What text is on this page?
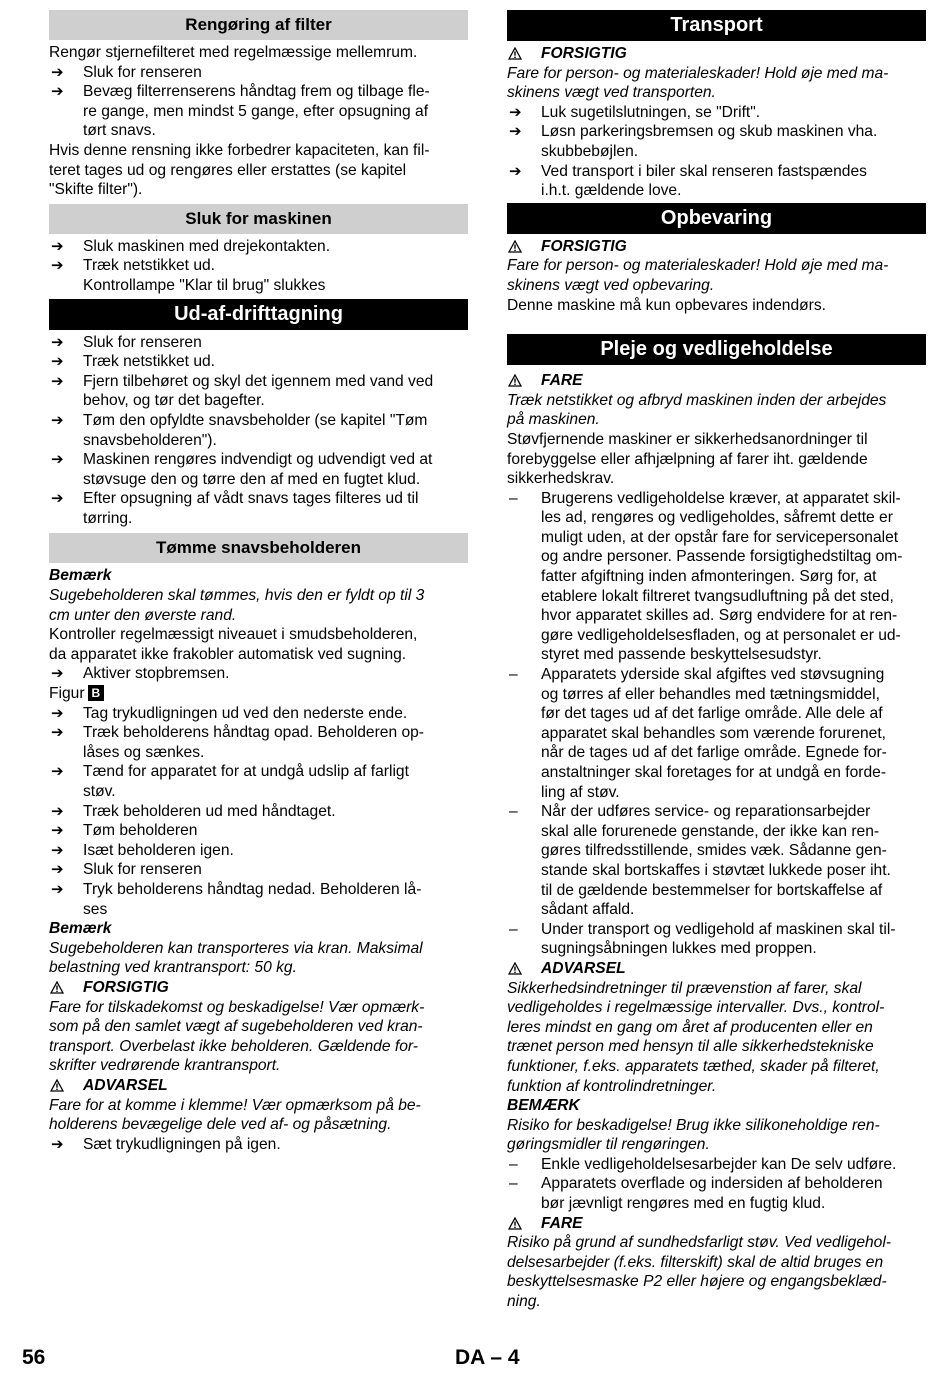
Rengøring af filter
Rengør stjernefilteret med regelmæssige mellemrum.
➔ Sluk for renseren
➔ Bevæg filterrenserens håndtag frem og tilbage fle-
re gange, men mindst 5 gange, efter opsugning af
tørt snavs.
Hvis denne rensning ikke forbedrer kapaciteten, kan fil-
teret tages ud og rengøres eller erstattes (se kapitel
"Skifte filter").
Sluk for maskinen
➔ Sluk maskinen med drejekontakten.
➔ Træk netstikket ud.
Kontrollampe "Klar til brug" slukkes
Ud-af-drifttagning
➔ Sluk for renseren
➔ Træk netstikket ud.
➔ Fjern tilbehøret og skyl det igennem med vand ved
behov, og tør det bagefter.
➔ Tøm den opfyldte snavsbeholder (se kapitel "Tøm
snavsbeholderen").
➔ Maskinen rengøres indvendigt og udvendigt ved at
støvsuge den og tørre den af med en fugtet klud.
➔ Efter opsugning af vådt snavs tages filteres ud til
tørring.
Tømme snavsbeholderen
Bemærk
Sugebeholderen skal tømmes, hvis den er fyldt op til 3
cm unter den øverste rand.
Kontroller regelmæssigt niveauet i smudsbeholderen,
da apparatet ikke frakobler automatisk ved sugning.
➔ Aktiver stopbremsen.
Figur B
➔ Tag trykudligningen ud ved den nederste ende.
➔ Træk beholderens håndtag opad. Beholderen op-
låses og sænkes.
➔ Tænd for apparatet for at undgå udslip af farligt
støv.
➔ Træk beholderen ud med håndtaget.
➔ Tøm beholderen
➔ Isæt beholderen igen.
➔ Sluk for renseren
➔ Tryk beholderens håndtag nedad. Beholderen lå-
ses
Bemærk
Sugebeholderen kan transporteres via kran. Maksimal
belastning ved krantransport: 50 kg.
FORSIGTIG
Fare for tilskadekomst og beskadigelse! Vær opmærk-
som på den samlet vægt af sugebeholderen ved kran-
transport. Overbelast ikke beholderen. Gældende for-
skrifter vedrørende krantransport.
ADVARSEL
Fare for at komme i klemme! Vær opmærksom på be-
holderens bevægelige dele ved af- og påsætning.
➔ Sæt trykudligningen på igen.
Transport
FORSIGTIG
Fare for person- og materialeskader! Hold øje med ma-
skinens vægt ved transporten.
➔ Luk sugetilslutningen, se "Drift".
➔ Løsn parkeringsbremsen og skub maskinen vha.
skubbebøjlen.
➔ Ved transport i biler skal renseren fastspændes
i.h.t. gældende love.
Opbevaring
FORSIGTIG
Fare for person- og materialeskader! Hold øje med ma-
skinens vægt ved opbevaring.
Denne maskine må kun opbevares indendørs.
Pleje og vedligeholdelse
FARE
Træk netstikket og afbryd maskinen inden der arbejdes
på maskinen.
Støvfjernende maskiner er sikkerhedsanordninger til
forebyggelse eller afhjælpning af farer iht. gældende
sikkerhedskrav.
– Brugerens vedligeholdelse kræver, at apparatet skil-
les ad, rengøres og vedligeholdes, såfremt dette er
muligt uden, at der opstår fare for servicepersonalet
og andre personer. Passende forsigtighedstiltag om-
fatter afgiftning inden afmonteringen. Sørg for, at
etablere lokalt filtreret tvangsudluftning på det sted,
hvor apparatet skilles ad. Sørg endvidere for at ren-
gøre vedligeholdelsesfladen, og at personalet er ud-
styret med passende beskyttelsesudstyr.
– Apparatets yderside skal afgiftes ved støvsugning
og tørres af eller behandles med tætningsmiddel,
før det tages ud af det farlige område. Alle dele af
apparatet skal behandles som værende forurenet,
når de tages ud af det farlige område. Egnede for-
anstaltninger skal foretages for at undgå en forde-
ling af støv.
– Når der udføres service- og reparationsarbejder
skal alle forurenede genstande, der ikke kan ren-
gøres tilfredsstillende, smides væk. Sådanne gen-
stande skal bortskaffes i støvtæt lukkede poser iht.
til de gældende bestemmelser for bortskaffelse af
sådant affald.
– Under transport og vedligehold af maskinen skal til-
sugningsåbningen lukkes med proppen.
ADVARSEL
Sikkerhedsindretninger til prævenstion af farer, skal
vedligeholdes i regelmæssige intervaller. Dvs., kontrol-
leres mindst en gang om året af producenten eller en
trænet person med hensyn til alle sikkerhedstekniske
funktioner, f.eks. apparatets tæthed, skader på filteret,
funktion af kontrolindretninger.
BEMÆRK
Risiko for beskadigelse! Brug ikke silikoneholdige ren-
gøringsmidler til rengøringen.
– Enkle vedligeholdelsesarbejder kan De selv udføre.
– Apparatets overflade og indersiden af beholderen
bør jævnligt rengøres med en fugtig klud.
FARE
Risiko på grund af sundhedsfarligt støv. Ved vedligehol-
delsesarbejder (f.eks. filterskift) skal de altid bruges en
beskyttelsesmaske P2 eller højere og engangsbeklæd-
ning.
56	DA – 4
